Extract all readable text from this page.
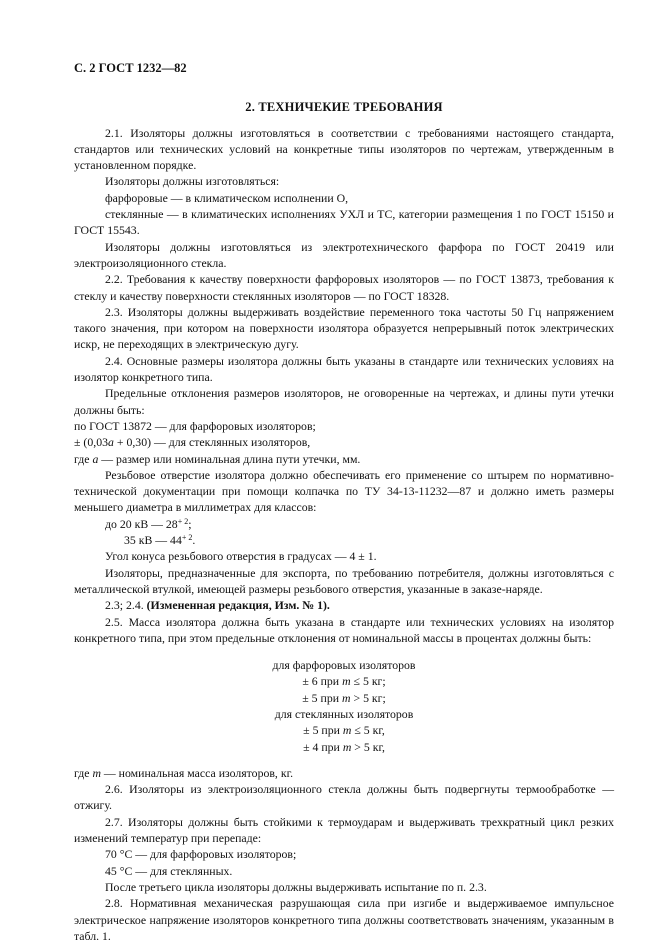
С. 2 ГОСТ 1232—82

2. ТЕХНИЧЕКИЕ ТРЕБОВАНИЯ

2.1. Изоляторы должны изготовляться в соответствии с требованиями настоящего стандарта, стандартов или технических условий на конкретные типы изоляторов по чертежам, утвержденным в установленном порядке.

Изоляторы должны изготовляться:

фарфоровые — в климатическом исполнении О,

стеклянные — в климатических исполнениях УХЛ и ТС, категории размещения 1 по ГОСТ 15150 и ГОСТ 15543.

Изоляторы должны изготовляться из электротехнического фарфора по ГОСТ 20419 или электроизоляционного стекла.

2.2. Требования к качеству поверхности фарфоровых изоляторов — по ГОСТ 13873, требования к стеклу и качеству поверхности стеклянных изоляторов — по ГОСТ 18328.

2.3. Изоляторы должны выдерживать воздействие переменного тока частоты 50 Гц напряжением такого значения, при котором на поверхности изолятора образуется непрерывный поток электрических искр, не переходящих в электрическую дугу.

2.4. Основные размеры изолятора должны быть указаны в стандарте или технических условиях на изолятор конкретного типа.

Предельные отклонения размеров изоляторов, не оговоренные на чертежах, и длины пути утечки должны быть:

по ГОСТ 13872 — для фарфоровых изоляторов;

± (0,03a + 0,30) — для стеклянных изоляторов,

где a — размер или номинальная длина пути утечки, мм.

Резьбовое отверстие изолятора должно обеспечивать его применение со штырем по нормативно-технической документации при помощи колпачка по ТУ 34-13-11232—87 и должно иметь размеры меньшего диаметра в миллиметрах для классов:

до 20 кВ — $28^{+ 2}$;

35 кВ — $44^{+ 2}$.

Угол конуса резьбового отверстия в градусах — 4 ± 1.

Изоляторы, предназначенные для экспорта, по требованию потребителя, должны изготовляться с металлической втулкой, имеющей размеры резьбового отверстия, указанные в заказе-наряде.

2.3; 2.4. (Измененная редакция, Изм. № 1).

2.5. Масса изолятора должна быть указана в стандарте или технических условиях на изолятор конкретного типа, при этом предельные отклонения от номинальной массы в процентах должны быть:

для фарфоровых изоляторов

± 6 при m ≤ 5 кг;

± 5 при m > 5 кг;

для стеклянных изоляторов

± 5 при m ≤ 5 кг,

± 4 при m > 5 кг,

где m — номинальная масса изоляторов, кг.

2.6. Изоляторы из электроизоляционного стекла должны быть подвергнуты термообработке — отжигу.

2.7. Изоляторы должны быть стойкими к термоударам и выдерживать трехкратный цикл резких изменений температур при перепаде:

70 °С — для фарфоровых изоляторов;

45 °С — для стеклянных.

После третьего цикла изоляторы должны выдерживать испытание по п. 2.3.

2.8. Нормативная механическая разрушающая сила при изгибе и выдерживаемое импульсное электрическое напряжение изоляторов конкретного типа должны соответствовать значениям, указанным в табл. 1.
